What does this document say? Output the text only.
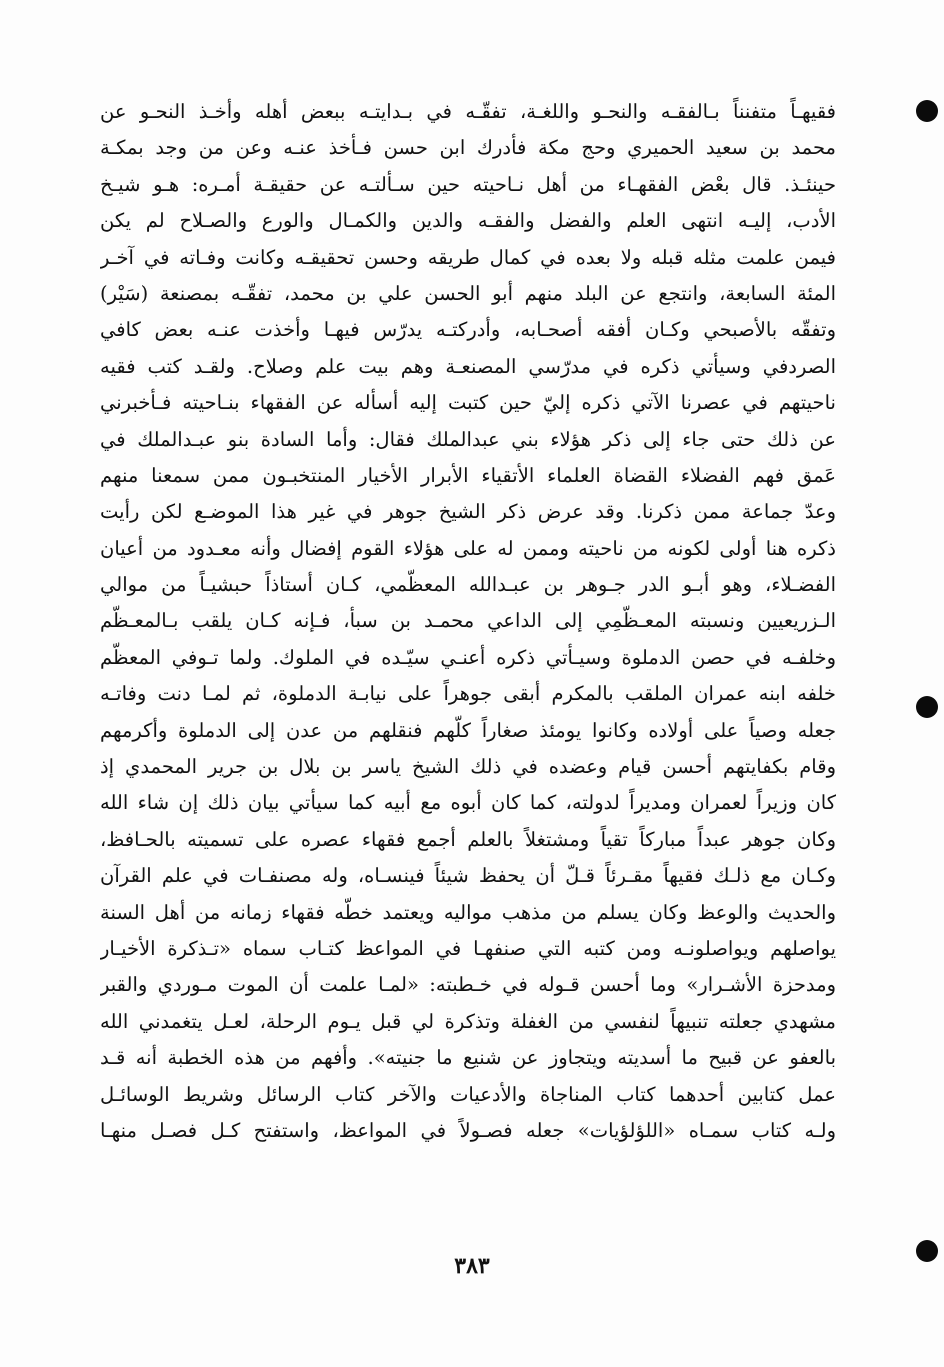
فقيهـاً متفنناً بـالفقـه والنحـو واللغـة، تفقّـه في بـدايتـه ببعض أهله وأخـذ النحـو عن
محمد بن سعيد الحميري وحج مكة فأدرك ابن حسن فـأخذ عنـه وعن من وجد بمكـة
حينئـذ. قال بعْض الفقهـاء من أهل نـاحيته حين سـألتـه عن حقيقـة أمـره: هـو شيـخ
الأدب، إليـه انتهى العلم والفضل والفقـه والدين والكمـال والورع والصـلاح لم يكن
فيمن علمت مثله قبله ولا بعده في كمال طريقه وحسن تحقيقـه وكانت وفـاته في آخـر
المئة السابعة، وانتجع عن البلد منهم أبو الحسن علي بن محمد، تفقّـه بمصنعة (سَيْر)
وتفقّه بالأصبحي وكـان أفقه أصحـابه، وأدركتـه يدرّس فيهـا وأخذت عنـه بعض كافي
الصردفي وسيأتي ذكره في مدرّسي المصنعـة وهم بيت علم وصلاح. ولقـد كتب فقيه
ناحيتهم في عصرنا الآتي ذكره إليّ حين كتبت إليه أسأله عن الفقهاء بنـاحيته فـأخبرني
عن ذلك حتى جاء إلى ذكر هؤلاء بني عبدالملك فقال: وأما السادة بنو عبـدالملك في
عَمق فهم الفضلاء القضاة العلماء الأتقياء الأبرار الأخيار المنتخبـون ممن سمعنا منهم
وعدّ جماعة ممن ذكرنا. وقد عرض ذكر الشيخ جوهر في غير هذا الموضـع لكن رأيت
ذكره هنا أولى لكونه من ناحيته وممن له على هؤلاء القوم إفضال وأنه معـدود من أعيان
الفضـلاء، وهو أبـو الدر جـوهر بن عبـدالله المعظّمي، كـان أستاذاً حبشيـاً من موالي
الـزريعيين ونسبته المعـظّمِي إلى الداعي محمـد بن سبأ، فـإنه كـان يلقب بـالمعـظّم
وخلفـه في حصن الدملوة وسيـأتي ذكره أعنـي سيّـده في الملوك. ولما تـوفي المعظّم
خلفه ابنه عمران الملقب بالمكرم أبقى جوهراً على نيابـة الدملوة، ثم لمـا دنت وفاتـه
جعله وصياً على أولاده وكانوا يومئذ صغاراً كلّهم فنقلهم من عدن إلى الدملوة وأكرمهم
وقام بكفايتهم أحسن قيام وعضده في ذلك الشيخ ياسر بن بلال بن جرير المحمدي إذ
كان وزيراً لعمران ومديراً لدولته، كما كان أبوه مع أبيه كما سيأتي بيان ذلك إن شاء الله
وكان جوهر عبداً مباركاً تقياً ومشتغلاً بالعلم أجمع فقهاء عصره على تسميته بالحـافظ،
وكـان مع ذلـك فقيهاً مقـرئاً قـلّ أن يحفظ شيئاً فينسـاه، وله مصنفـات في علم القرآن
والحديث والوعظ وكان يسلم من مذهب مواليه ويعتمد خطّه فقهاء زمانه من أهل السنة
يواصلهم ويواصلونـه ومن كتبه التي صنفهـا في المواعظ كتـاب سماه «تـذكرة الأخيـار
ومدحزة الأشـرار» وما أحسن قـوله في خـطبته: «لمـا علمت أن الموت مـوردي والقبر
مشهدي جعلته تنبيهاً لنفسي من الغفلة وتذكرة لي قبل يـوم الرحلة، لعـل يتغمدني الله
بالعفو عن قبيح ما أسديته ويتجاوز عن شنيع ما جنيته». وأفهم من هذه الخطبة أنه قـد
عمل كتابين أحدهما كتاب المناجاة والأدعيات والآخر كتاب الرسائل وشريط الوسائـل
ولـه كتاب سمـاه «اللؤلؤيات» جعله فصـولاً في المواعظ، واستفتح كـل فصـل منهـا
٣٨٣
